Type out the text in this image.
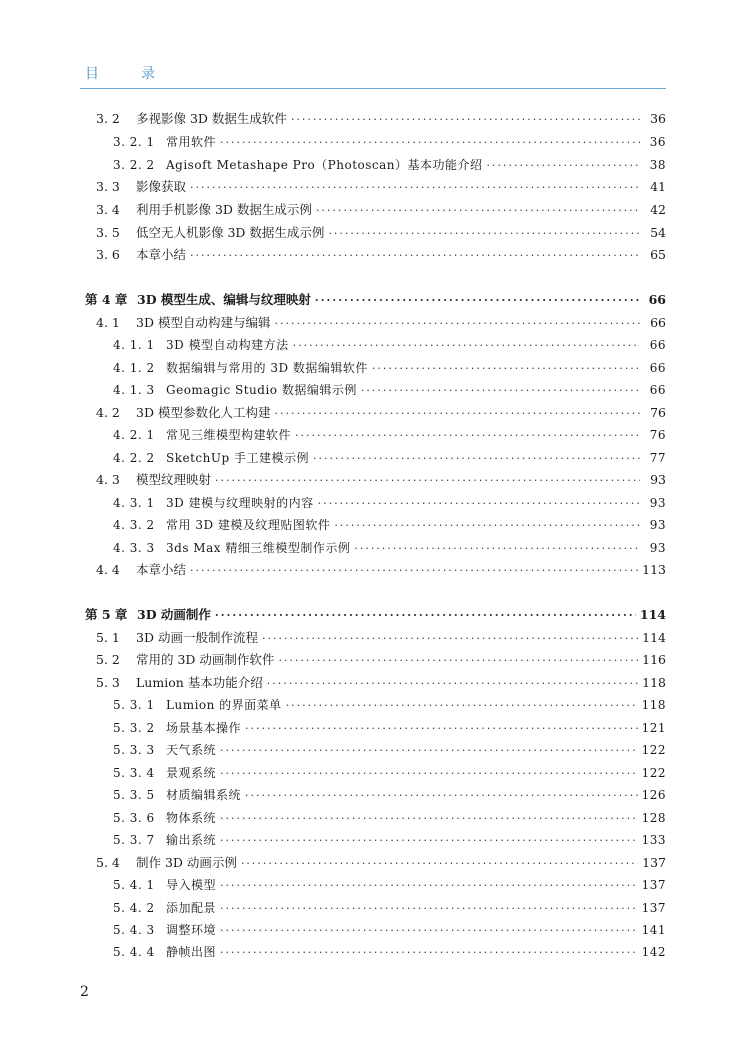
目　录
3. 2	多视影像 3D 数据生成软件 ·····	36
3. 2. 1 常用软件 ·····	36
3. 2. 2 Agisoft Metashape Pro（Photoscan）基本功能介绍 ·····	38
3. 3	影像获取 ·····	41
3. 4	利用手机影像 3D 数据生成示例 ·····	42
3. 5	低空无人机影像 3D 数据生成示例 ·····	54
3. 6	本章小结 ·····	65
第 4 章 3D 模型生成、编辑与纹理映射 ·····	66
4. 1	3D 模型自动构建与编辑 ·····	66
4. 1. 1 3D 模型自动构建方法 ·····	66
4. 1. 2 数据编辑与常用的 3D 数据编辑软件 ·····	66
4. 1. 3 Geomagic Studio 数据编辑示例 ·····	66
4. 2	3D 模型参数化人工构建 ·····	76
4. 2. 1 常见三维模型构建软件 ·····	76
4. 2. 2 SketchUp 手工建模示例 ·····	77
4. 3	模型纹理映射 ·····	93
4. 3. 1 3D 建模与纹理映射的内容 ·····	93
4. 3. 2 常用 3D 建模及纹理贴图软件 ·····	93
4. 3. 3 3ds Max 精细三维模型制作示例 ·····	93
4. 4	本章小结 ·····	113
第 5 章 3D 动画制作 ·····	114
5. 1	3D 动画一般制作流程 ·····	114
5. 2	常用的 3D 动画制作软件 ·····	116
5. 3	Lumion 基本功能介绍 ·····	118
5. 3. 1 Lumion 的界面菜单 ·····	118
5. 3. 2 场景基本操作 ·····	121
5. 3. 3 天气系统 ·····	122
5. 3. 4 景观系统 ·····	122
5. 3. 5 材质编辑系统 ·····	126
5. 3. 6 物体系统 ·····	128
5. 3. 7 输出系统 ·····	133
5. 4	制作 3D 动画示例 ·····	137
5. 4. 1 导入模型 ·····	137
5. 4. 2 添加配景 ·····	137
5. 4. 3 调整环境 ·····	141
5. 4. 4 静帧出图 ·····	142
2
